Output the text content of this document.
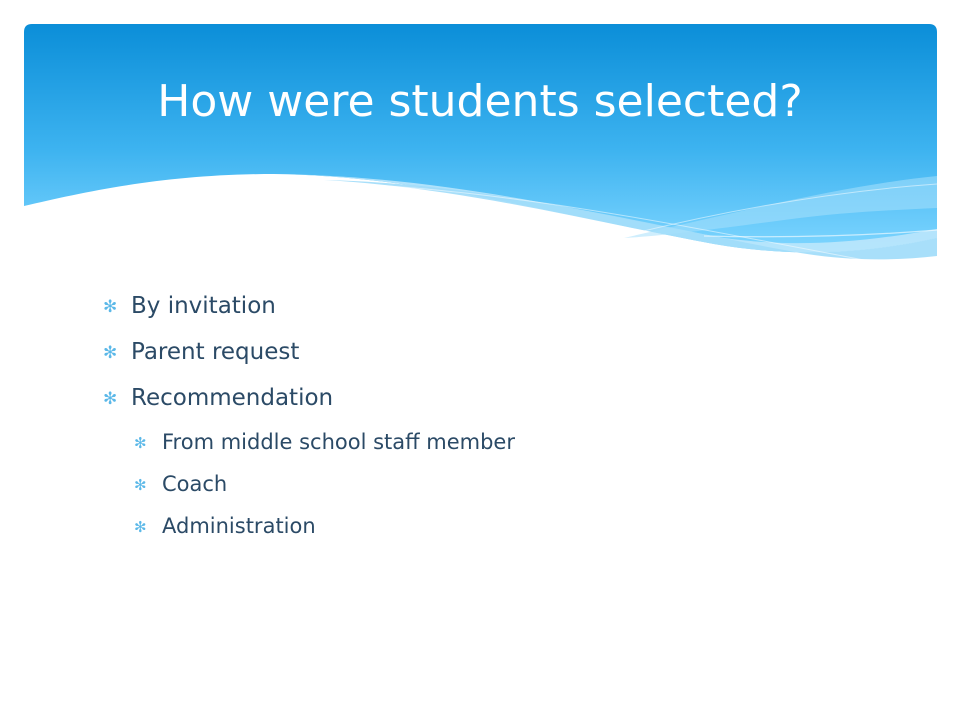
How were students selected?
✻ By invitation
✻ Parent request
✻ Recommendation
✻ From middle school staff member
✻ Coach
✻ Administration
